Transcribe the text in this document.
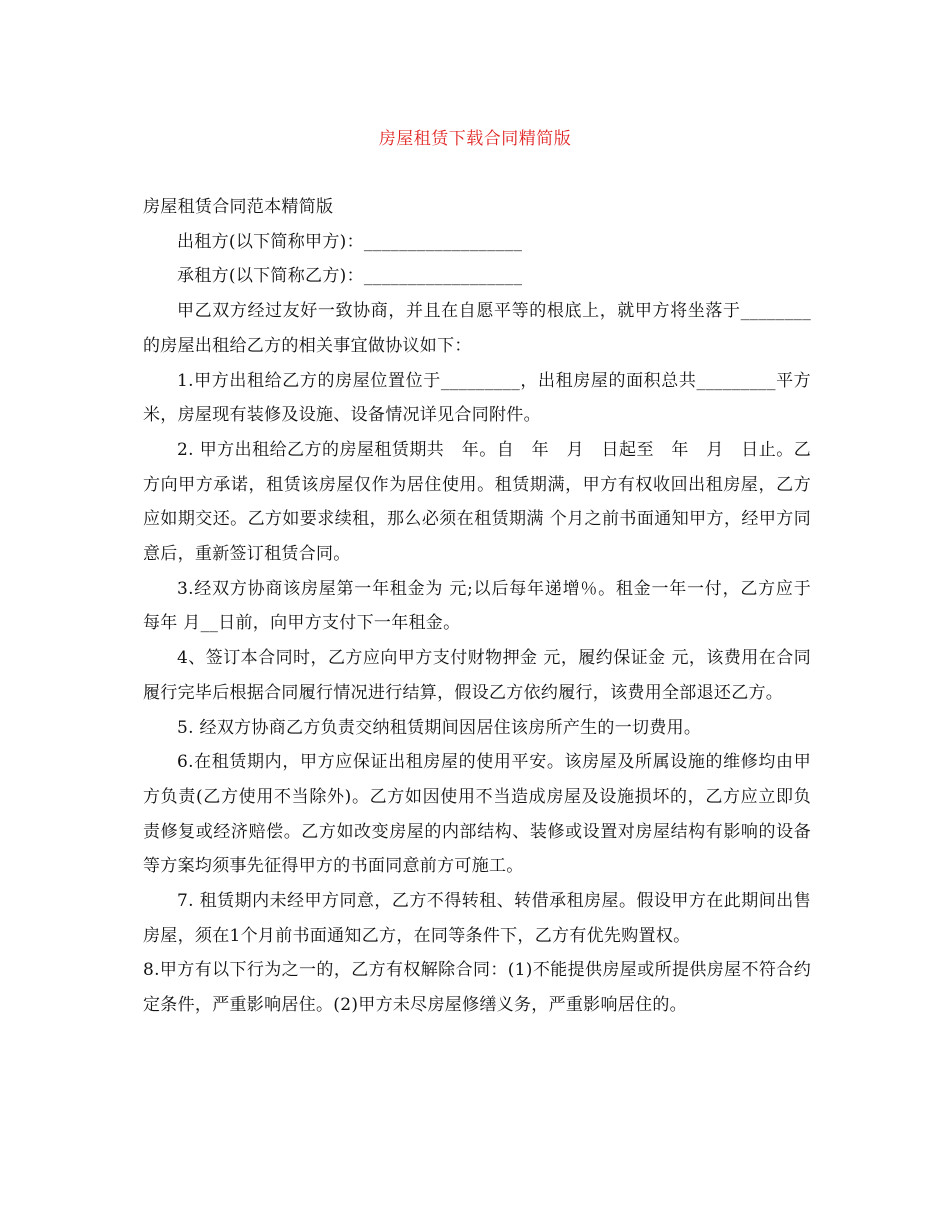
房屋租赁下载合同精简版

房屋租赁合同范本精简版

出租方(以下简称甲方)：__________________

承租方(以下简称乙方)：__________________

甲乙双方经过友好一致协商，并且在自愿平等的根底上，就甲方将坐落于________的房屋出租给乙方的相关事宜做协议如下：

1.甲方出租给乙方的房屋位置位于_________，出租房屋的面积总共_________平方米，房屋现有装修及设施、设备情况详见合同附件。

2. 甲方出租给乙方的房屋租赁期共　年。自　年　月　日起至　年　月　日止。乙方向甲方承诺，租赁该房屋仅作为居住使用。租赁期满，甲方有权收回出租房屋，乙方应如期交还。乙方如要求续租，那么必须在租赁期满 个月之前书面通知甲方，经甲方同意后，重新签订租赁合同。

3.经双方协商该房屋第一年租金为 元;以后每年递增％。租金一年一付，乙方应于每年 月__日前，向甲方支付下一年租金。

4、签订本合同时，乙方应向甲方支付财物押金 元，履约保证金 元，该费用在合同履行完毕后根据合同履行情况进行结算，假设乙方依约履行，该费用全部退还乙方。

5. 经双方协商乙方负责交纳租赁期间因居住该房所产生的一切费用。

6.在租赁期内，甲方应保证出租房屋的使用平安。该房屋及所属设施的维修均由甲方负责(乙方使用不当除外)。乙方如因使用不当造成房屋及设施损坏的，乙方应立即负责修复或经济赔偿。乙方如改变房屋的内部结构、装修或设置对房屋结构有影响的设备等方案均须事先征得甲方的书面同意前方可施工。

7. 租赁期内未经甲方同意，乙方不得转租、转借承租房屋。假设甲方在此期间出售房屋，须在1个月前书面通知乙方，在同等条件下，乙方有优先购置权。

8.甲方有以下行为之一的，乙方有权解除合同：(1)不能提供房屋或所提供房屋不符合约定条件，严重影响居住。(2)甲方未尽房屋修缮义务，严重影响居住的。
